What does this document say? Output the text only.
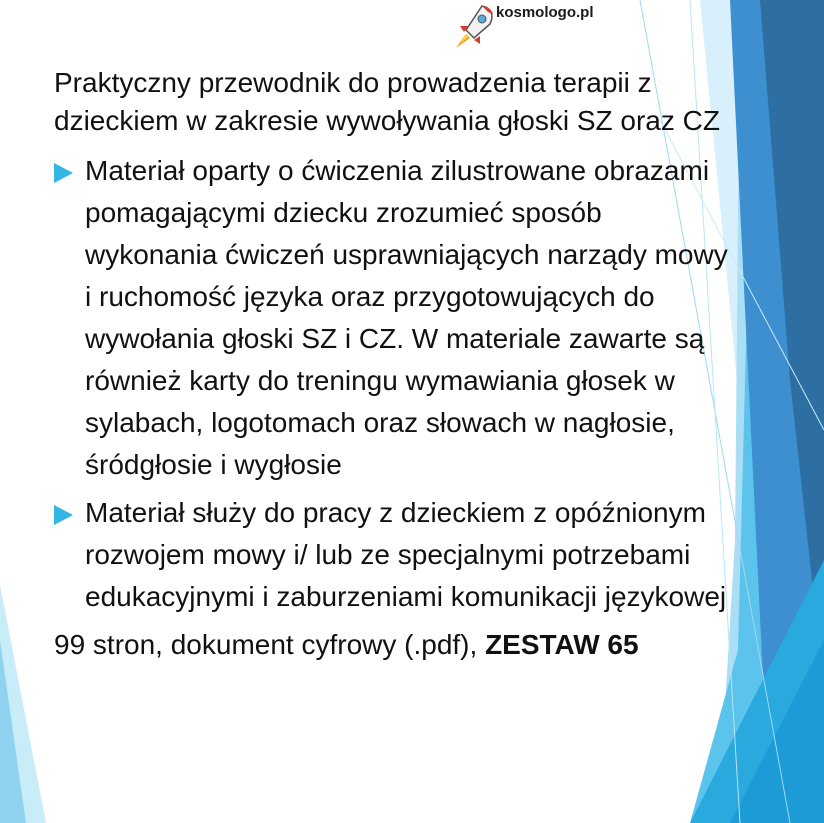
kosmologo.pl

Praktyczny przewodnik do prowadzenia terapii z dzieckiem w zakresie wywoływania głoski SZ oraz CZ

Materiał oparty o ćwiczenia zilustrowane obrazami pomagającymi dziecku zrozumieć sposób wykonania ćwiczeń usprawniających narządy mowy i ruchomość języka oraz przygotowujących do wywołania głoski SZ i CZ. W materiale zawarte są również karty do treningu wymawiania głosek w sylabach, logotomach oraz słowach w nagłosie, śródgłosie i wygłosie
Materiał służy do pracy z dzieckiem z opóźnionym rozwojem mowy i/ lub ze specjalnymi potrzebami edukacyjnymi i zaburzeniami komunikacji językowej
99 stron, dokument cyfrowy (.pdf), ZESTAW 65
